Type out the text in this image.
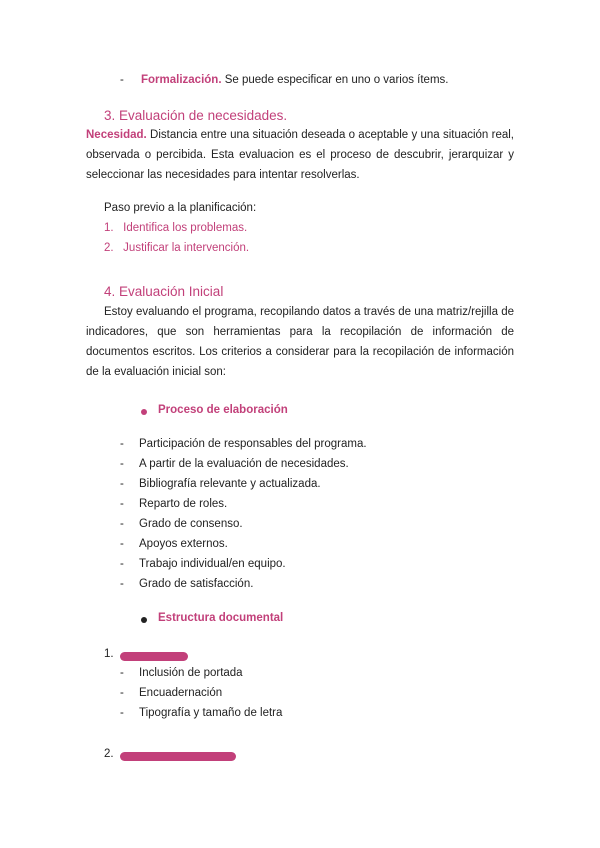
- Formalización. Se puede especificar en uno o varios ítems.
3. Evaluación de necesidades.
Necesidad. Distancia entre una situación deseada o aceptable y una situación real, observada o percibida. Esta evaluacion es el proceso de descubrir, jerarquizar y seleccionar las necesidades para intentar resolverlas.
Paso previo a la planificación:
1.   Identifica los problemas.
2.   Justificar la intervención.
4. Evaluación Inicial
Estoy evaluando el programa, recopilando datos a través de una matriz/rejilla de indicadores, que son herramientas para la recopilación de información de documentos escritos. Los criterios a considerar para la recopilación de información de la evaluación inicial son:
Proceso de elaboración
- Participación de responsables del programa.
- A partir de la evaluación de necesidades.
- Bibliografía relevante y actualizada.
- Reparto de roles.
- Grado de consenso.
- Apoyos externos.
- Trabajo individual/en equipo.
- Grado de satisfacción.
Estructura documental
1.
- Inclusión de portada
- Encuadernación
- Tipografía y tamaño de letra
2.
